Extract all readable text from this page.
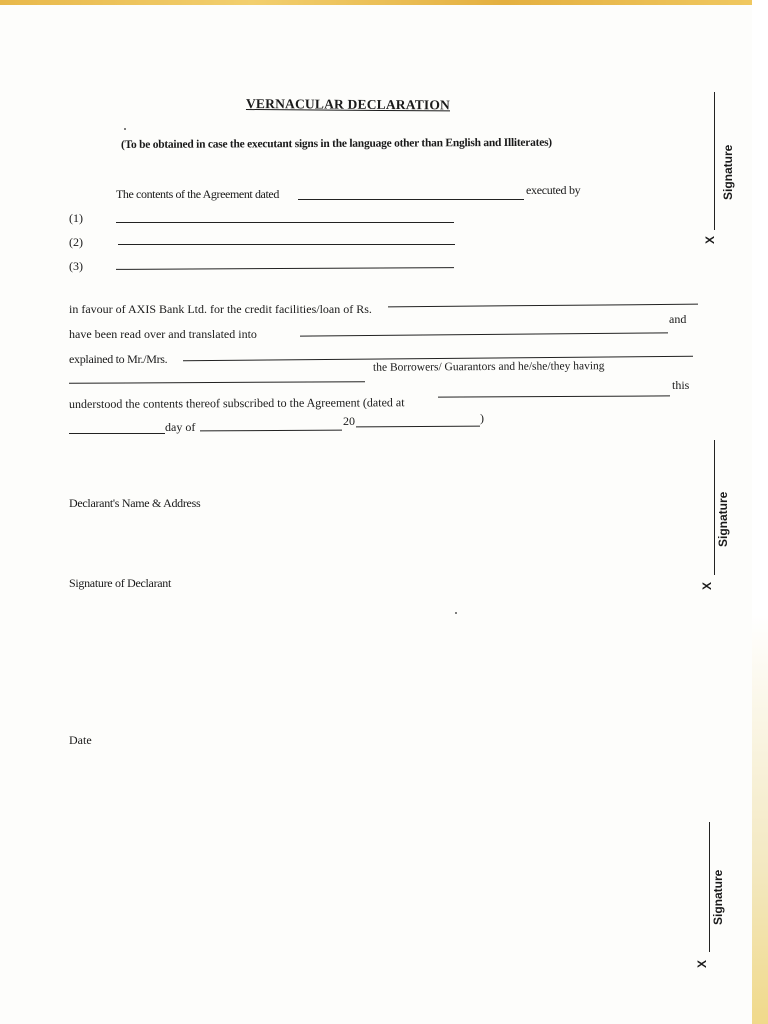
VERNACULAR DECLARATION
(To be obtained in case the executant signs in the language other than English and Illiterates)
The contents of the Agreement dated	executed by
(1)
(2)
(3)
in favour of AXIS Bank Ltd. for the credit facilities/loan of Rs.
have been read over and translated into
and
explained to Mr./Mrs.
the Borrowers/ Guarantors and he/she/they having
understood the contents thereof subscribed to the Agreement (dated at
this
day of	20	)
Declarant's Name & Address
Signature of Declarant
Date
Signature
X
Signature
X
Signature
X
